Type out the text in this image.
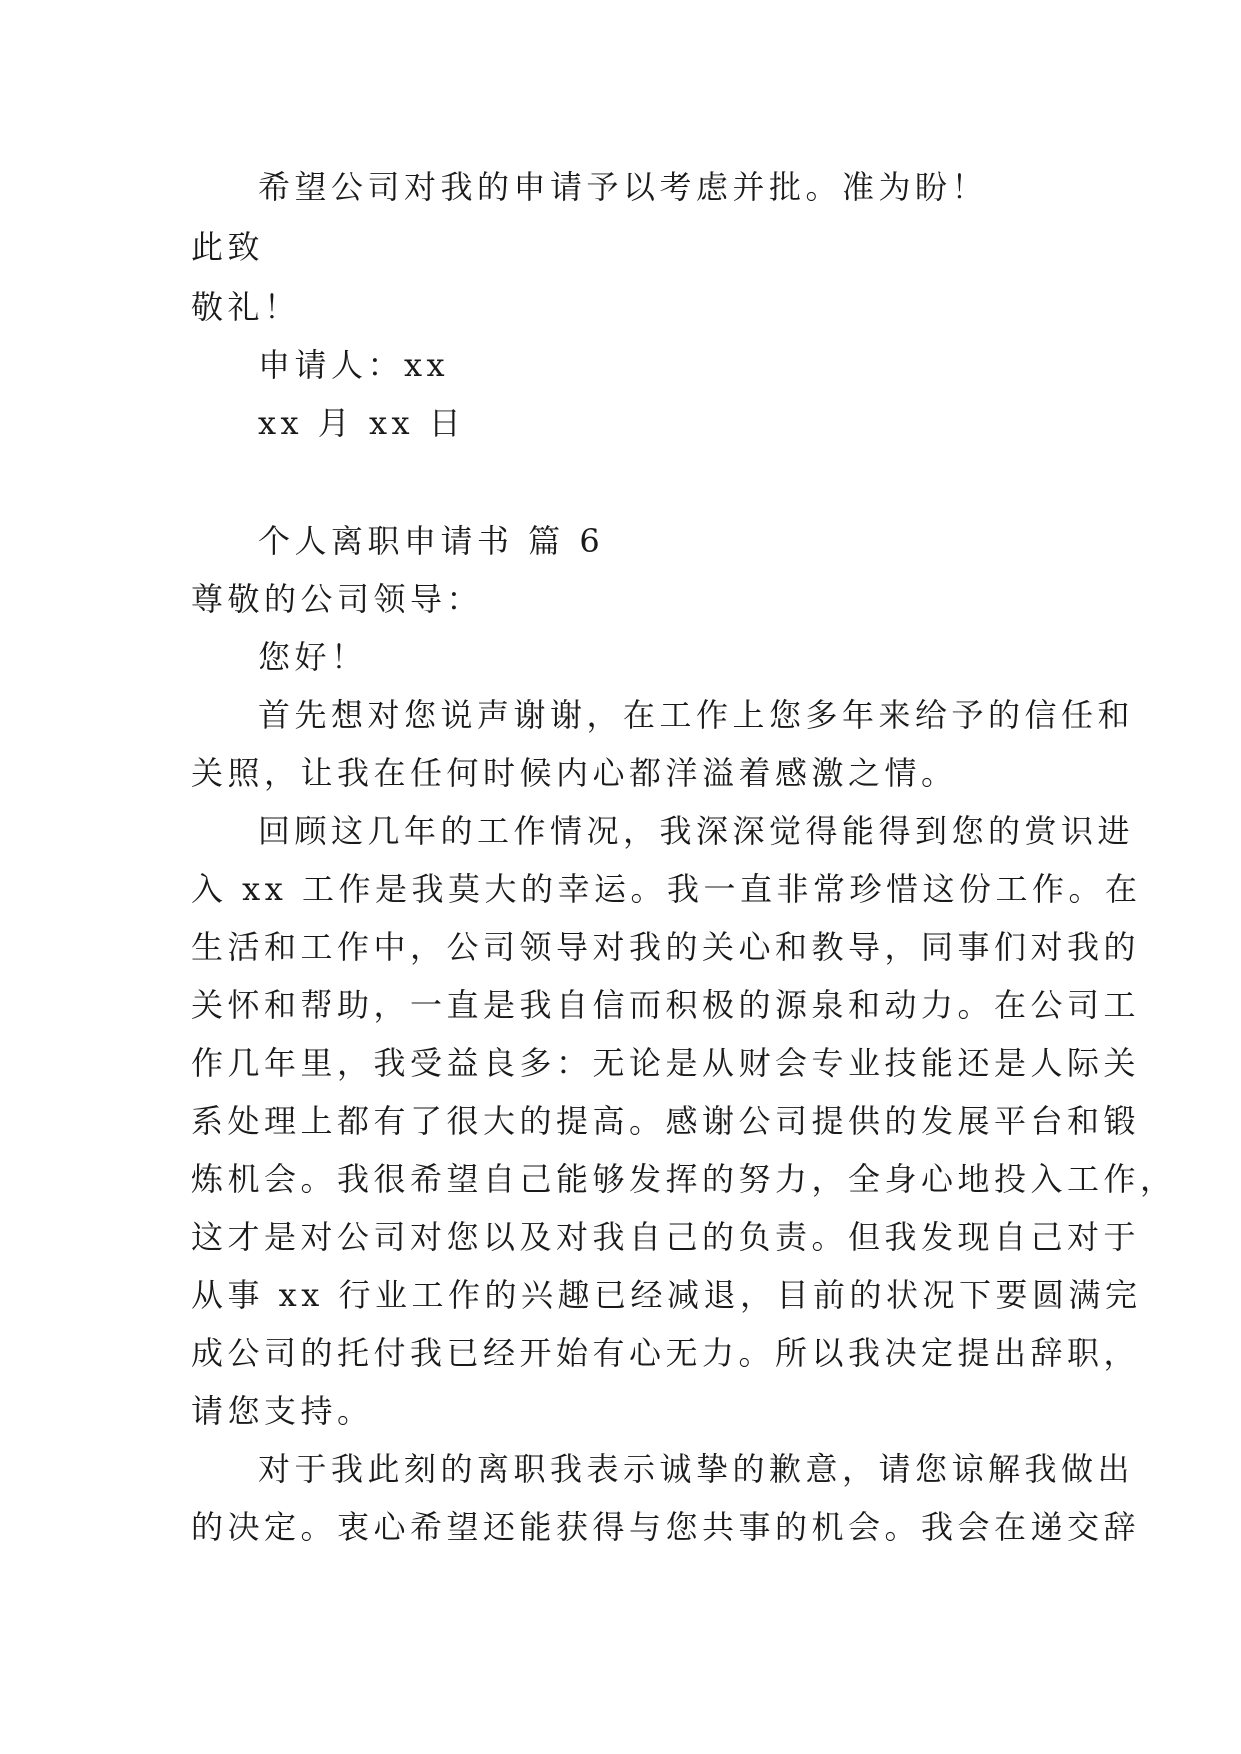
希望公司对我的申请予以考虑并批。准为盼！
此致
敬礼！
申请人：xx
xx 月 xx 日
个人离职申请书 篇 6
尊敬的公司领导：
您好！
首先想对您说声谢谢，在工作上您多年来给予的信任和
关照，让我在任何时候内心都洋溢着感激之情。
回顾这几年的工作情况，我深深觉得能得到您的赏识进
入 xx 工作是我莫大的幸运。我一直非常珍惜这份工作。在
生活和工作中，公司领导对我的关心和教导，同事们对我的
关怀和帮助，一直是我自信而积极的源泉和动力。在公司工
作几年里，我受益良多：无论是从财会专业技能还是人际关
系处理上都有了很大的提高。感谢公司提供的发展平台和锻
炼机会。我很希望自己能够发挥的努力，全身心地投入工作，
这才是对公司对您以及对我自己的负责。但我发现自己对于
从事 xx 行业工作的兴趣已经减退，目前的状况下要圆满完
成公司的托付我已经开始有心无力。所以我决定提出辞职，
请您支持。
对于我此刻的离职我表示诚挚的歉意，请您谅解我做出
的决定。衷心希望还能获得与您共事的机会。我会在递交辞
